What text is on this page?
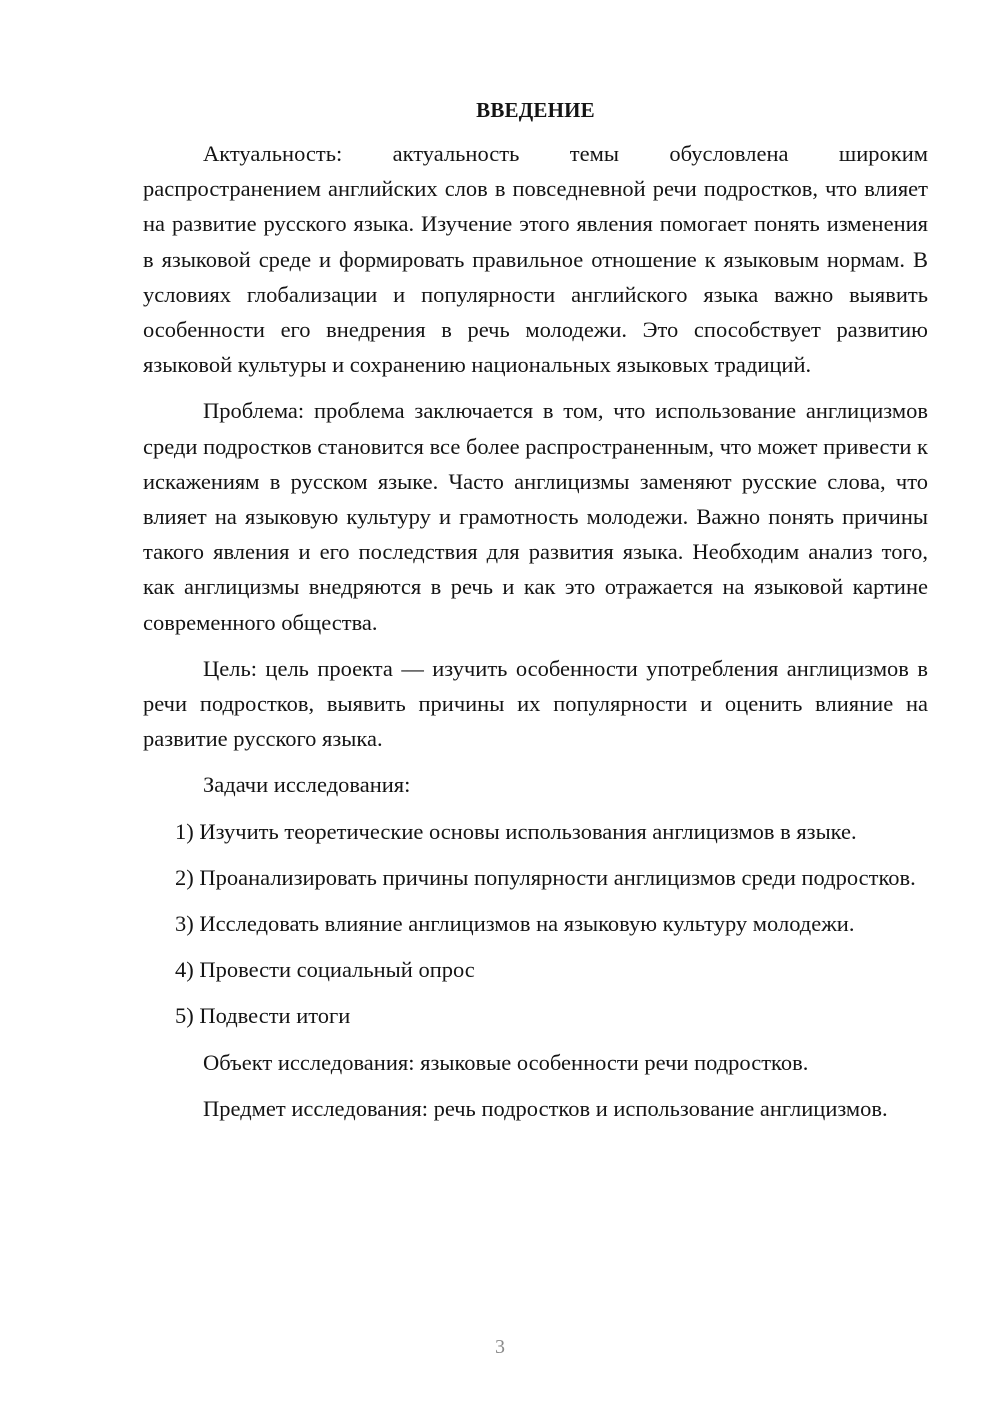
ВВЕДЕНИЕ

Актуальность: актуальность темы обусловлена широким распространением английских слов в повседневной речи подростков, что влияет на развитие русского языка. Изучение этого явления помогает понять изменения в языковой среде и формировать правильное отношение к языковым нормам. В условиях глобализации и популярности английского языка важно выявить особенности его внедрения в речь молодежи. Это способствует развитию языковой культуры и сохранению национальных языковых традиций.

Проблема: проблема заключается в том, что использование англицизмов среди подростков становится все более распространенным, что может привести к искажениям в русском языке. Часто англицизмы заменяют русские слова, что влияет на языковую культуру и грамотность молодежи. Важно понять причины такого явления и его последствия для развития языка. Необходим анализ того, как англицизмы внедряются в речь и как это отражается на языковой картине современного общества.

Цель: цель проекта — изучить особенности употребления англицизмов в речи подростков, выявить причины их популярности и оценить влияние на развитие русского языка.

Задачи исследования:

1) Изучить теоретические основы использования англицизмов в языке.

2) Проанализировать причины популярности англицизмов среди подростков.

3) Исследовать влияние англицизмов на языковую культуру молодежи.

4) Провести социальный опрос

5) Подвести итоги

Объект исследования: языковые особенности речи подростков.

Предмет исследования: речь подростков и использование англицизмов.

3
